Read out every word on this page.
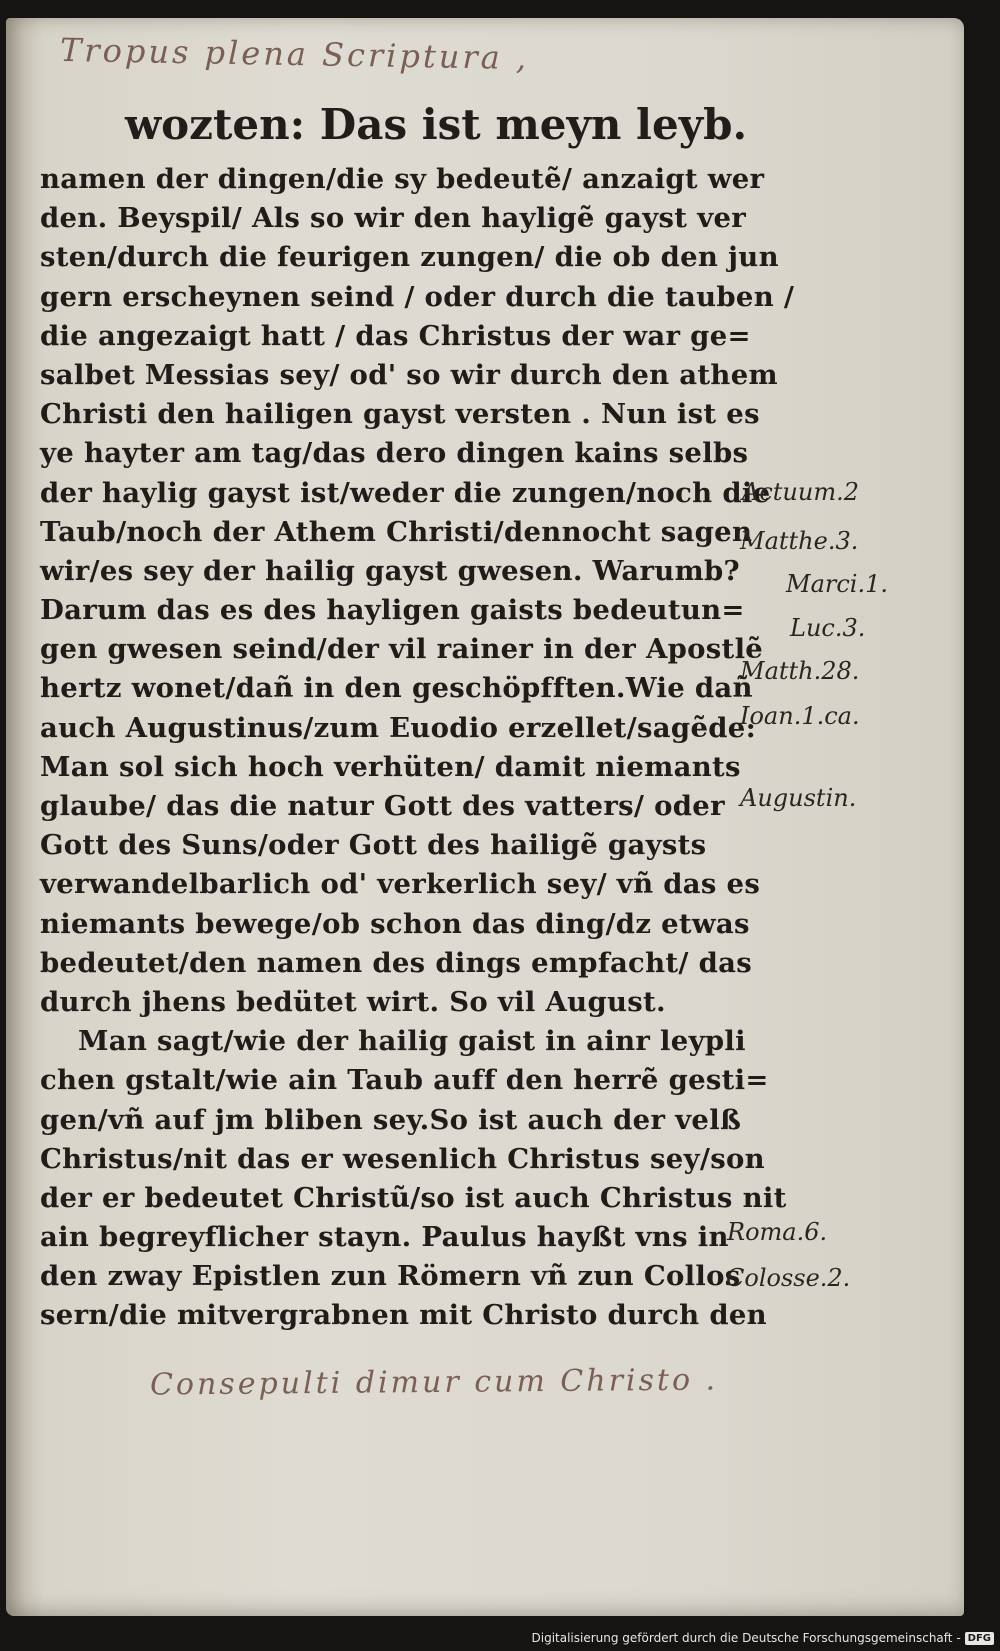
Tropus plena Scriptura ,
wozten: Das ist meyn leyb.
namen der dingen/die sy bedeutẽ/ anzaigt wer
den. Beyspil/ Als so wir den hayligẽ gayst ver
sten/durch die feurigen zungen/ die ob den jun
gern erscheynen seind / oder durch die tauben /
die angezaigt hatt / das Christus der war ge=
salbet Messias sey/ od' so wir durch den athem
Christi den hailigen gayst versten . Nun ist es
ye hayter am tag/das dero dingen kains selbs
der haylig gayst ist/weder die zungen/noch die
Taub/noch der Athem Christi/dennocht sagen
wir/es sey der hailig gayst gwesen. Warumb?
Darum das es des hayligen gaists bedeutun=
gen gwesen seind/der vil rainer in der Apostlẽ
hertz wonet/dañ in den geschöpfften.Wie dañ
auch Augustinus/zum Euodio erzellet/sagẽde:
Man sol sich hoch verhüten/ damit niemants
glaube/ das die natur Gott des vatters/ oder
Gott des Suns/oder Gott des hailigẽ gaysts
verwandelbarlich od' verkerlich sey/ vñ das es
niemants bewege/ob schon das ding/dz etwas
bedeutet/den namen des dings empfacht/ das
durch jhens bedütet wirt. So vil August.
Man sagt/wie der hailig gaist in ainr leypli
chen gstalt/wie ain Taub auff den herrẽ gesti=
gen/vñ auf jm bliben sey.So ist auch der velß
Christus/nit das er wesenlich Christus sey/son
der er bedeutet Christũ/so ist auch Christus nit
ain begreyflicher stayn. Paulus hayßt vns in
den zway Epistlen zun Römern vñ zun Collos
sern/die mitvergrabnen mit Christo durch den
Actuum.2
Matthe.3.
Marci.1.
Luc.3.
Matth.28.
Ioan.1.ca.
Augustin.
Roma.6.
Colosse.2.
Consepulti dimur cum Christo .
Digitalisierung gefördert durch die Deutsche Forschungsgemeinschaft - DFG
